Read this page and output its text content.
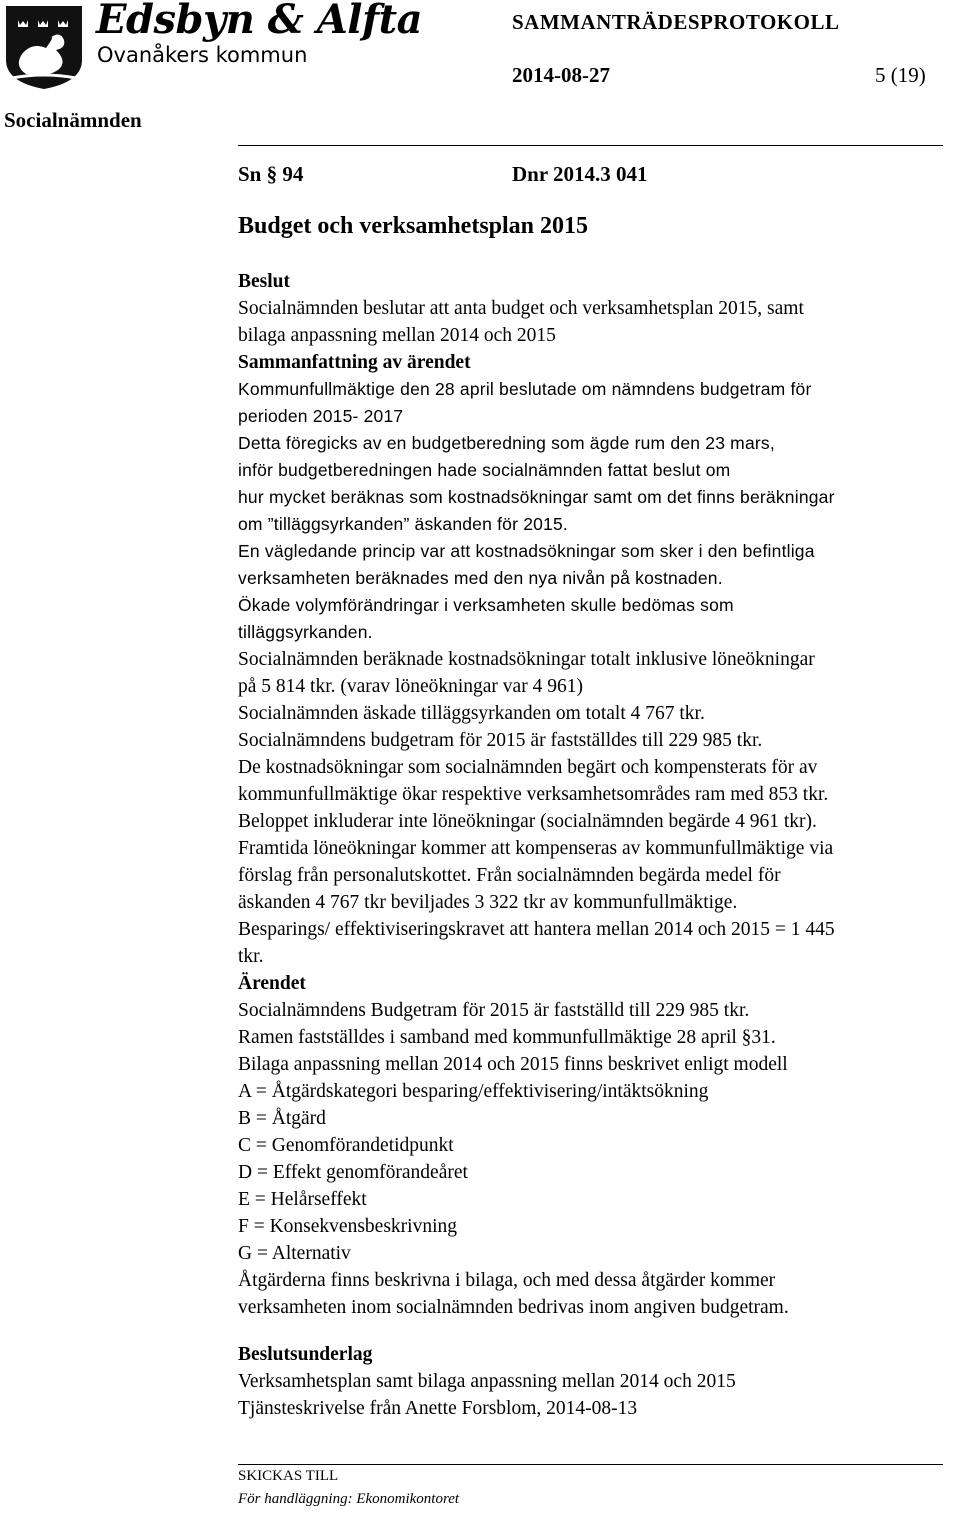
Edsbyn & Alfta
Ovanåkers kommun
SAMMANTRÄDESPROTOKOLL
2014-08-27	5 (19)
Socialnämnden
Sn § 94	Dnr 2014.3 041
Budget och verksamhetsplan 2015

Beslut

Socialnämnden beslutar att anta budget och verksamhetsplan 2015, samt

bilaga anpassning mellan 2014 och 2015

Sammanfattning av ärendet

Kommunfullmäktige den 28 april beslutade om nämndens budgetram för

perioden 2015- 2017

Detta föregicks av en budgetberedning som ägde rum den 23 mars,

inför budgetberedningen hade socialnämnden fattat beslut om

hur mycket beräknas som kostnadsökningar samt om det finns beräkningar

om ”tilläggsyrkanden” äskanden för 2015.

En vägledande princip var att kostnadsökningar som sker i den befintliga

verksamheten beräknades med den nya nivån på kostnaden.

Ökade volymförändringar i verksamheten skulle bedömas som

tilläggsyrkanden.

Socialnämnden beräknade kostnadsökningar totalt inklusive löneökningar

på 5 814 tkr. (varav löneökningar var 4 961)

Socialnämnden äskade tilläggsyrkanden om totalt 4 767 tkr.

Socialnämndens budgetram för 2015 är fastställdes till 229 985 tkr.

De kostnadsökningar som socialnämnden begärt och kompensterats för av

kommunfullmäktige ökar respektive verksamhetsområdes ram med 853 tkr.

Beloppet inkluderar inte löneökningar (socialnämnden begärde 4 961 tkr).

Framtida löneökningar kommer att kompenseras av kommunfullmäktige via

förslag från personalutskottet. Från socialnämnden begärda medel för

äskanden 4 767 tkr beviljades 3 322 tkr av kommunfullmäktige.

Besparings/ effektiviseringskravet att hantera mellan 2014 och 2015 = 1 445

tkr.

Ärendet

Socialnämndens Budgetram för 2015 är fastställd till 229 985 tkr.

Ramen fastställdes i samband med kommunfullmäktige 28 april §31.

Bilaga anpassning mellan 2014 och 2015 finns beskrivet enligt modell

A = Åtgärdskategori besparing/effektivisering/intäktsökning

B = Åtgärd

C = Genomförandetidpunkt

D = Effekt genomförandeåret

E = Helårseffekt

F = Konsekvensbeskrivning

G = Alternativ

Åtgärderna finns beskrivna i bilaga, och med dessa åtgärder kommer

verksamheten inom socialnämnden bedrivas inom angiven budgetram.

Beslutsunderlag

Verksamhetsplan samt bilaga anpassning mellan 2014 och 2015

Tjänsteskrivelse från Anette Forsblom, 2014-08-13

SKICKAS TILL
För handläggning: Ekonomikontoret
